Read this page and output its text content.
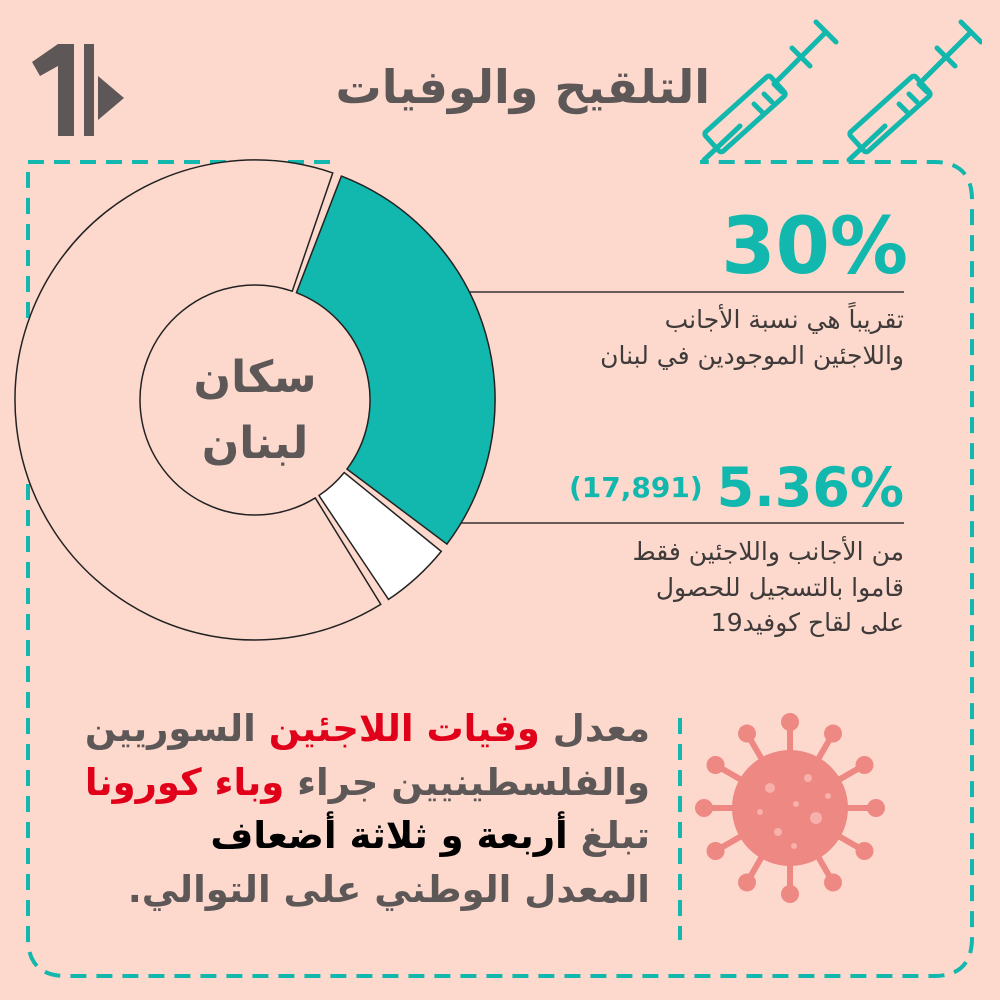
التلقيح والوفيات
سكان
لبنان
30%
تقريباً هي نسبة الأجانب
واللاجئين الموجودين في لبنان
(17,891) 5.36%
من الأجانب واللاجئين فقط
قاموا بالتسجيل للحصول
على لقاح كوفيد19
معدل وفيات اللاجئين السوريين
والفلسطينيين جراء وباء كورونا
تبلغ أربعة و ثلاثة أضعاف
المعدل الوطني على التوالي.
